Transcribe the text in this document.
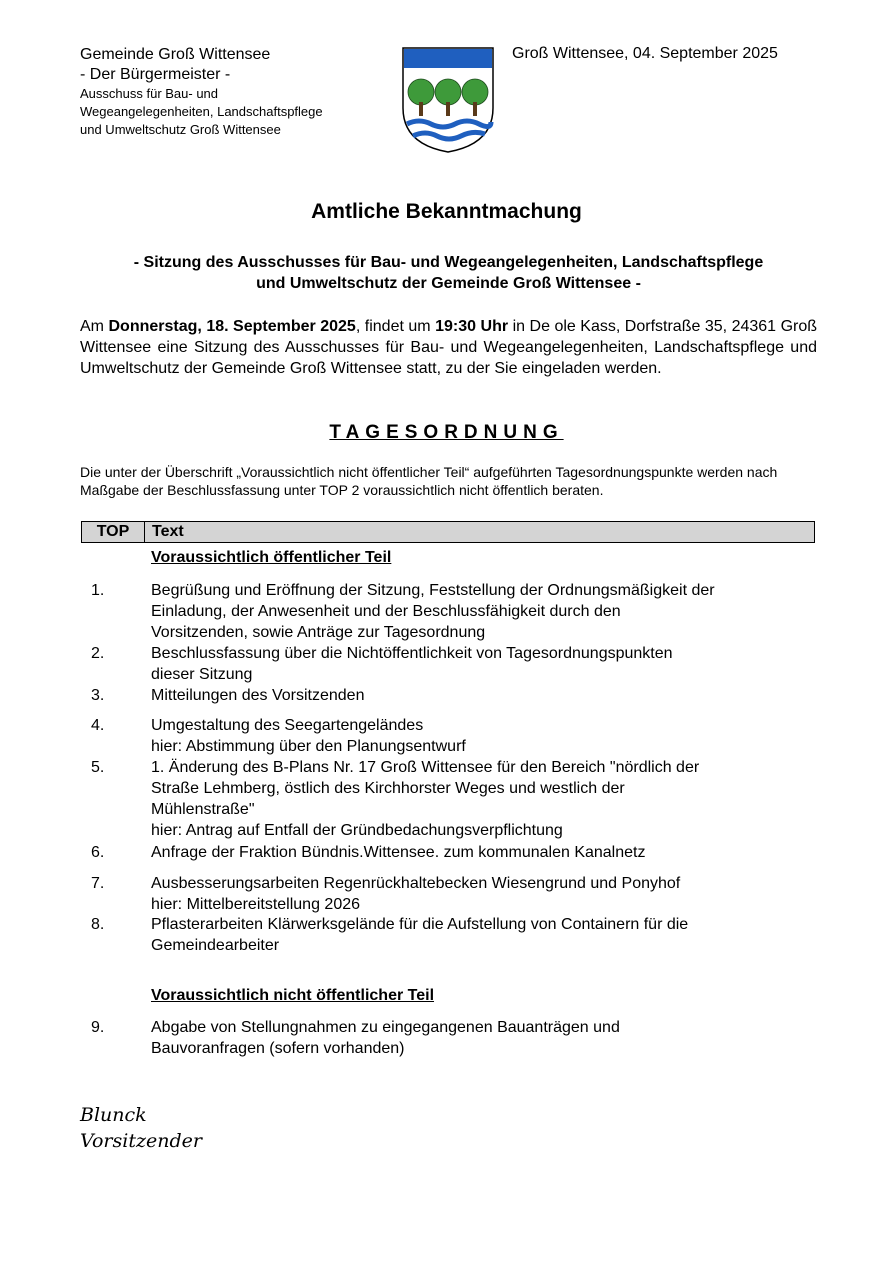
Gemeinde Groß Wittensee
- Der Bürgermeister -
Ausschuss für Bau- und
Wegeangelegenheiten, Landschaftspflege
und Umweltschutz Groß Wittensee
Groß Wittensee, 04. September 2025
Amtliche Bekanntmachung
- Sitzung des Ausschusses für Bau- und Wegeangelegenheiten, Landschaftspflege
und Umweltschutz der Gemeinde Groß Wittensee -
Am Donnerstag, 18. September 2025, findet um 19:30 Uhr in De ole Kass, Dorfstraße 35, 24361 Groß Wittensee eine Sitzung des Ausschusses für Bau- und Wegeangelegenheiten, Landschaftspflege und Umweltschutz der Gemeinde Groß Wittensee statt, zu der Sie eingeladen werden.
TAGESORDNUNG
Die unter der Überschrift „Voraussichtlich nicht öffentlicher Teil“ aufgeführten Tagesordnungspunkte werden nach Maßgabe der Beschlussfassung unter TOP 2 voraussichtlich nicht öffentlich beraten.
TOP	Text
Voraussichtlich öffentlicher Teil
1.	Begrüßung und Eröffnung der Sitzung, Feststellung der Ordnungsmäßigkeit der
Einladung, der Anwesenheit und der Beschlussfähigkeit durch den
Vorsitzenden, sowie Anträge zur Tagesordnung
2.	Beschlussfassung über die Nichtöffentlichkeit von Tagesordnungspunkten
dieser Sitzung
3.	Mitteilungen des Vorsitzenden
4.	Umgestaltung des Seegartengeländes
hier: Abstimmung über den Planungsentwurf
5.	1. Änderung des B-Plans Nr. 17 Groß Wittensee für den Bereich "nördlich der
Straße Lehmberg, östlich des Kirchhorster Weges und westlich der
Mühlenstraße"
hier: Antrag auf Entfall der Gründbedachungsverpflichtung
6.	Anfrage der Fraktion Bündnis.Wittensee. zum kommunalen Kanalnetz
7.	Ausbesserungsarbeiten Regenrückhaltebecken Wiesengrund und Ponyhof
hier: Mittelbereitstellung 2026
8.	Pflasterarbeiten Klärwerksgelände für die Aufstellung von Containern für die
Gemeindearbeiter
Voraussichtlich nicht öffentlicher Teil
9.	Abgabe von Stellungnahmen zu eingegangenen Bauanträgen und
Bauvoranfragen (sofern vorhanden)
Blunck
Vorsitzender
